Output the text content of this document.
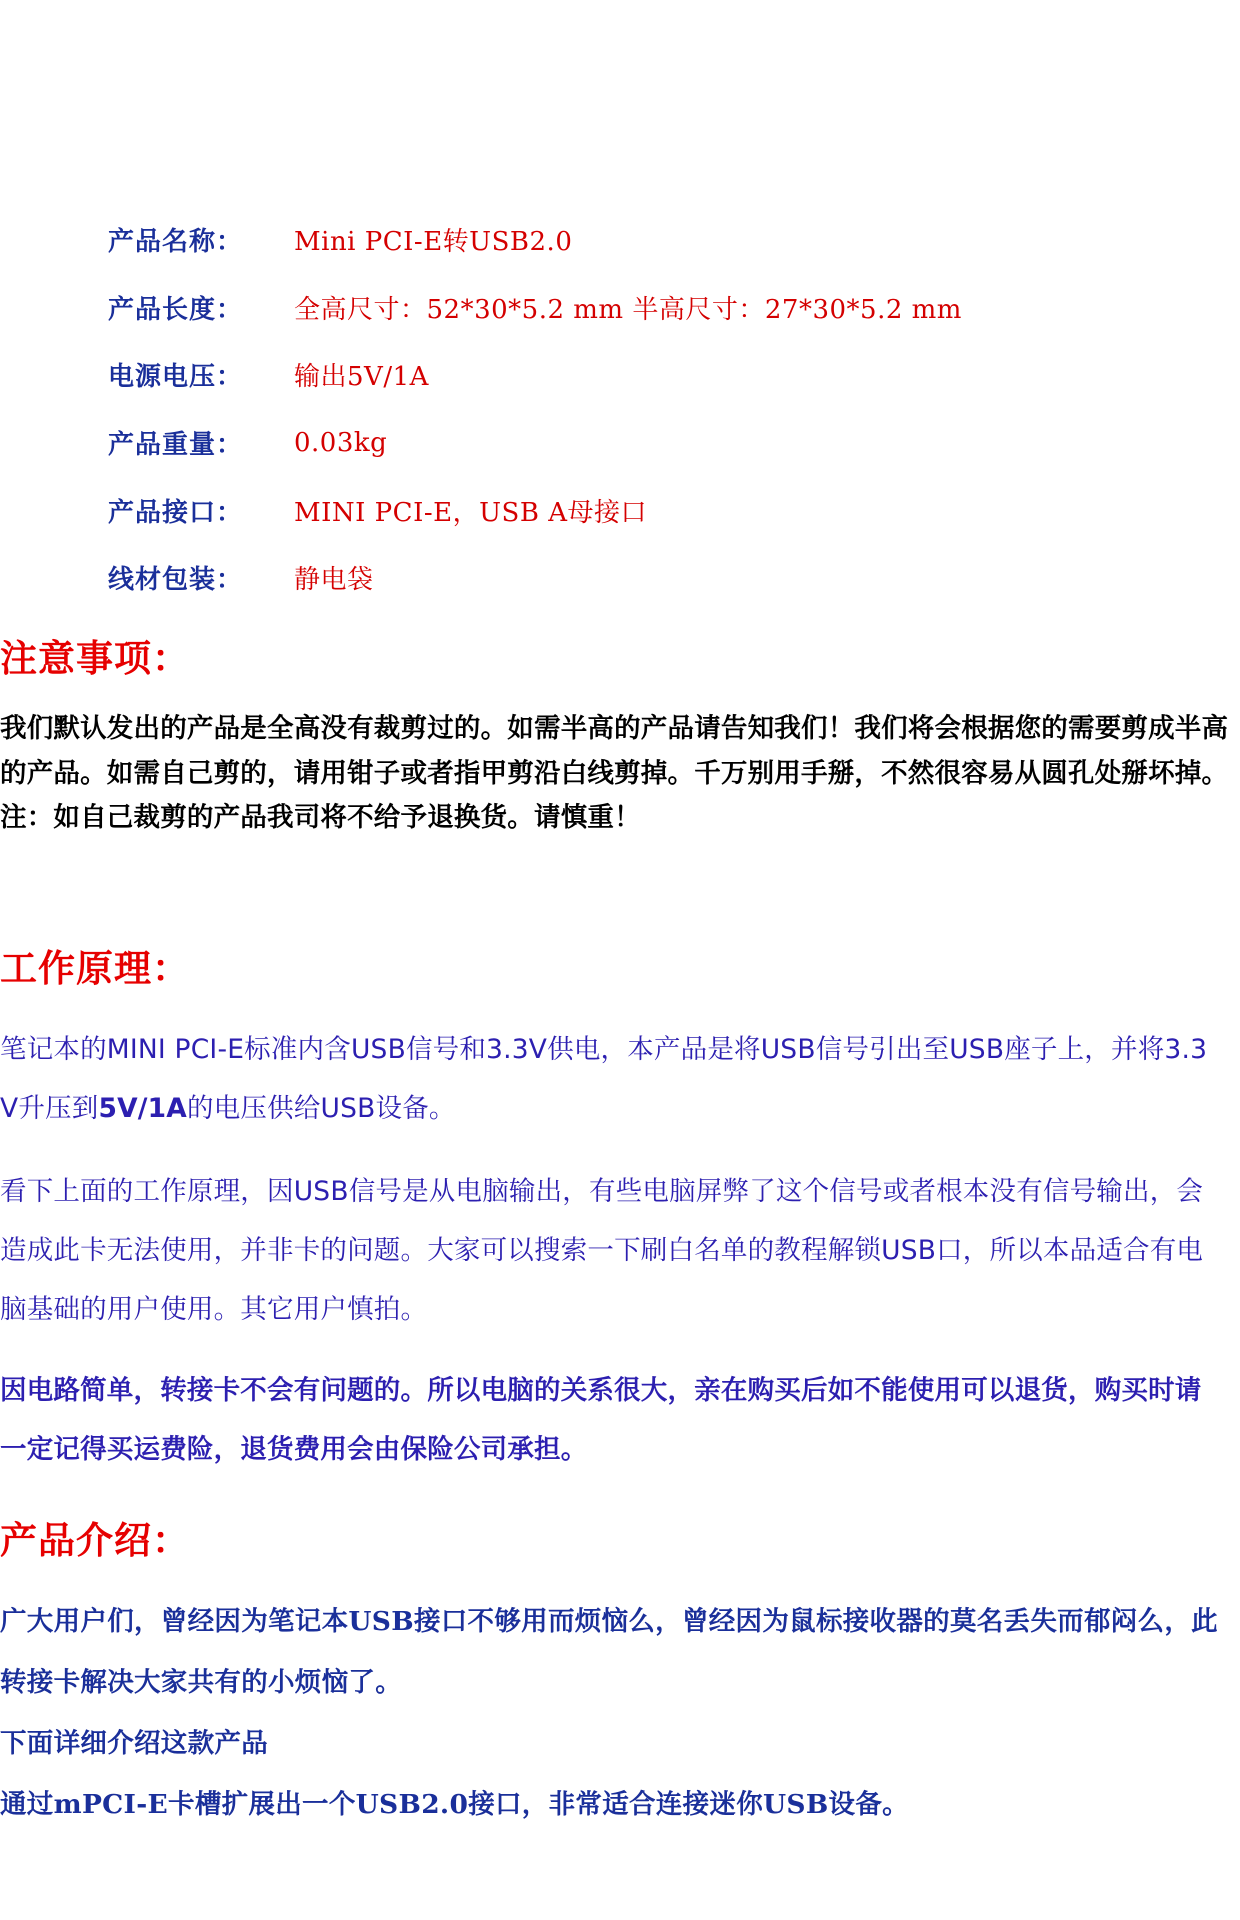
产品名称：	Mini PCI-E转USB2.0
产品长度：	全高尺寸：52*30*5.2 mm 半高尺寸：27*30*5.2 mm
电源电压：	输出5V/1A
产品重量：	0.03kg
产品接口：	MINI PCI-E，USB A母接口
线材包装：	静电袋
注意事项：
我们默认发出的产品是全高没有裁剪过的。如需半高的产品请告知我们！我们将会根据您的需要剪成半高的产品。如需自己剪的，请用钳子或者指甲剪沿白线剪掉。千万别用手掰，不然很容易从圆孔处掰坏掉。注：如自己裁剪的产品我司将不给予退换货。请慎重！
工作原理：
笔记本的MINI PCI-E标准内含USB信号和3.3V供电，本产品是将USB信号引出至USB座子上，并将3.3V升压到5V/1A的电压供给USB设备。
看下上面的工作原理，因USB信号是从电脑输出，有些电脑屏弊了这个信号或者根本没有信号输出，会造成此卡无法使用，并非卡的问题。大家可以搜索一下刷白名单的教程解锁USB口，所以本品适合有电脑基础的用户使用。其它用户慎拍。
因电路简单，转接卡不会有问题的。所以电脑的关系很大，亲在购买后如不能使用可以退货，购买时请一定记得买运费险，退货费用会由保险公司承担。
产品介绍：
广大用户们，曾经因为笔记本USB接口不够用而烦恼么，曾经因为鼠标接收器的莫名丢失而郁闷么，此转接卡解决大家共有的小烦恼了。
下面详细介绍这款产品
通过mPCI-E卡槽扩展出一个USB2.0接口，非常适合连接迷你USB设备。
